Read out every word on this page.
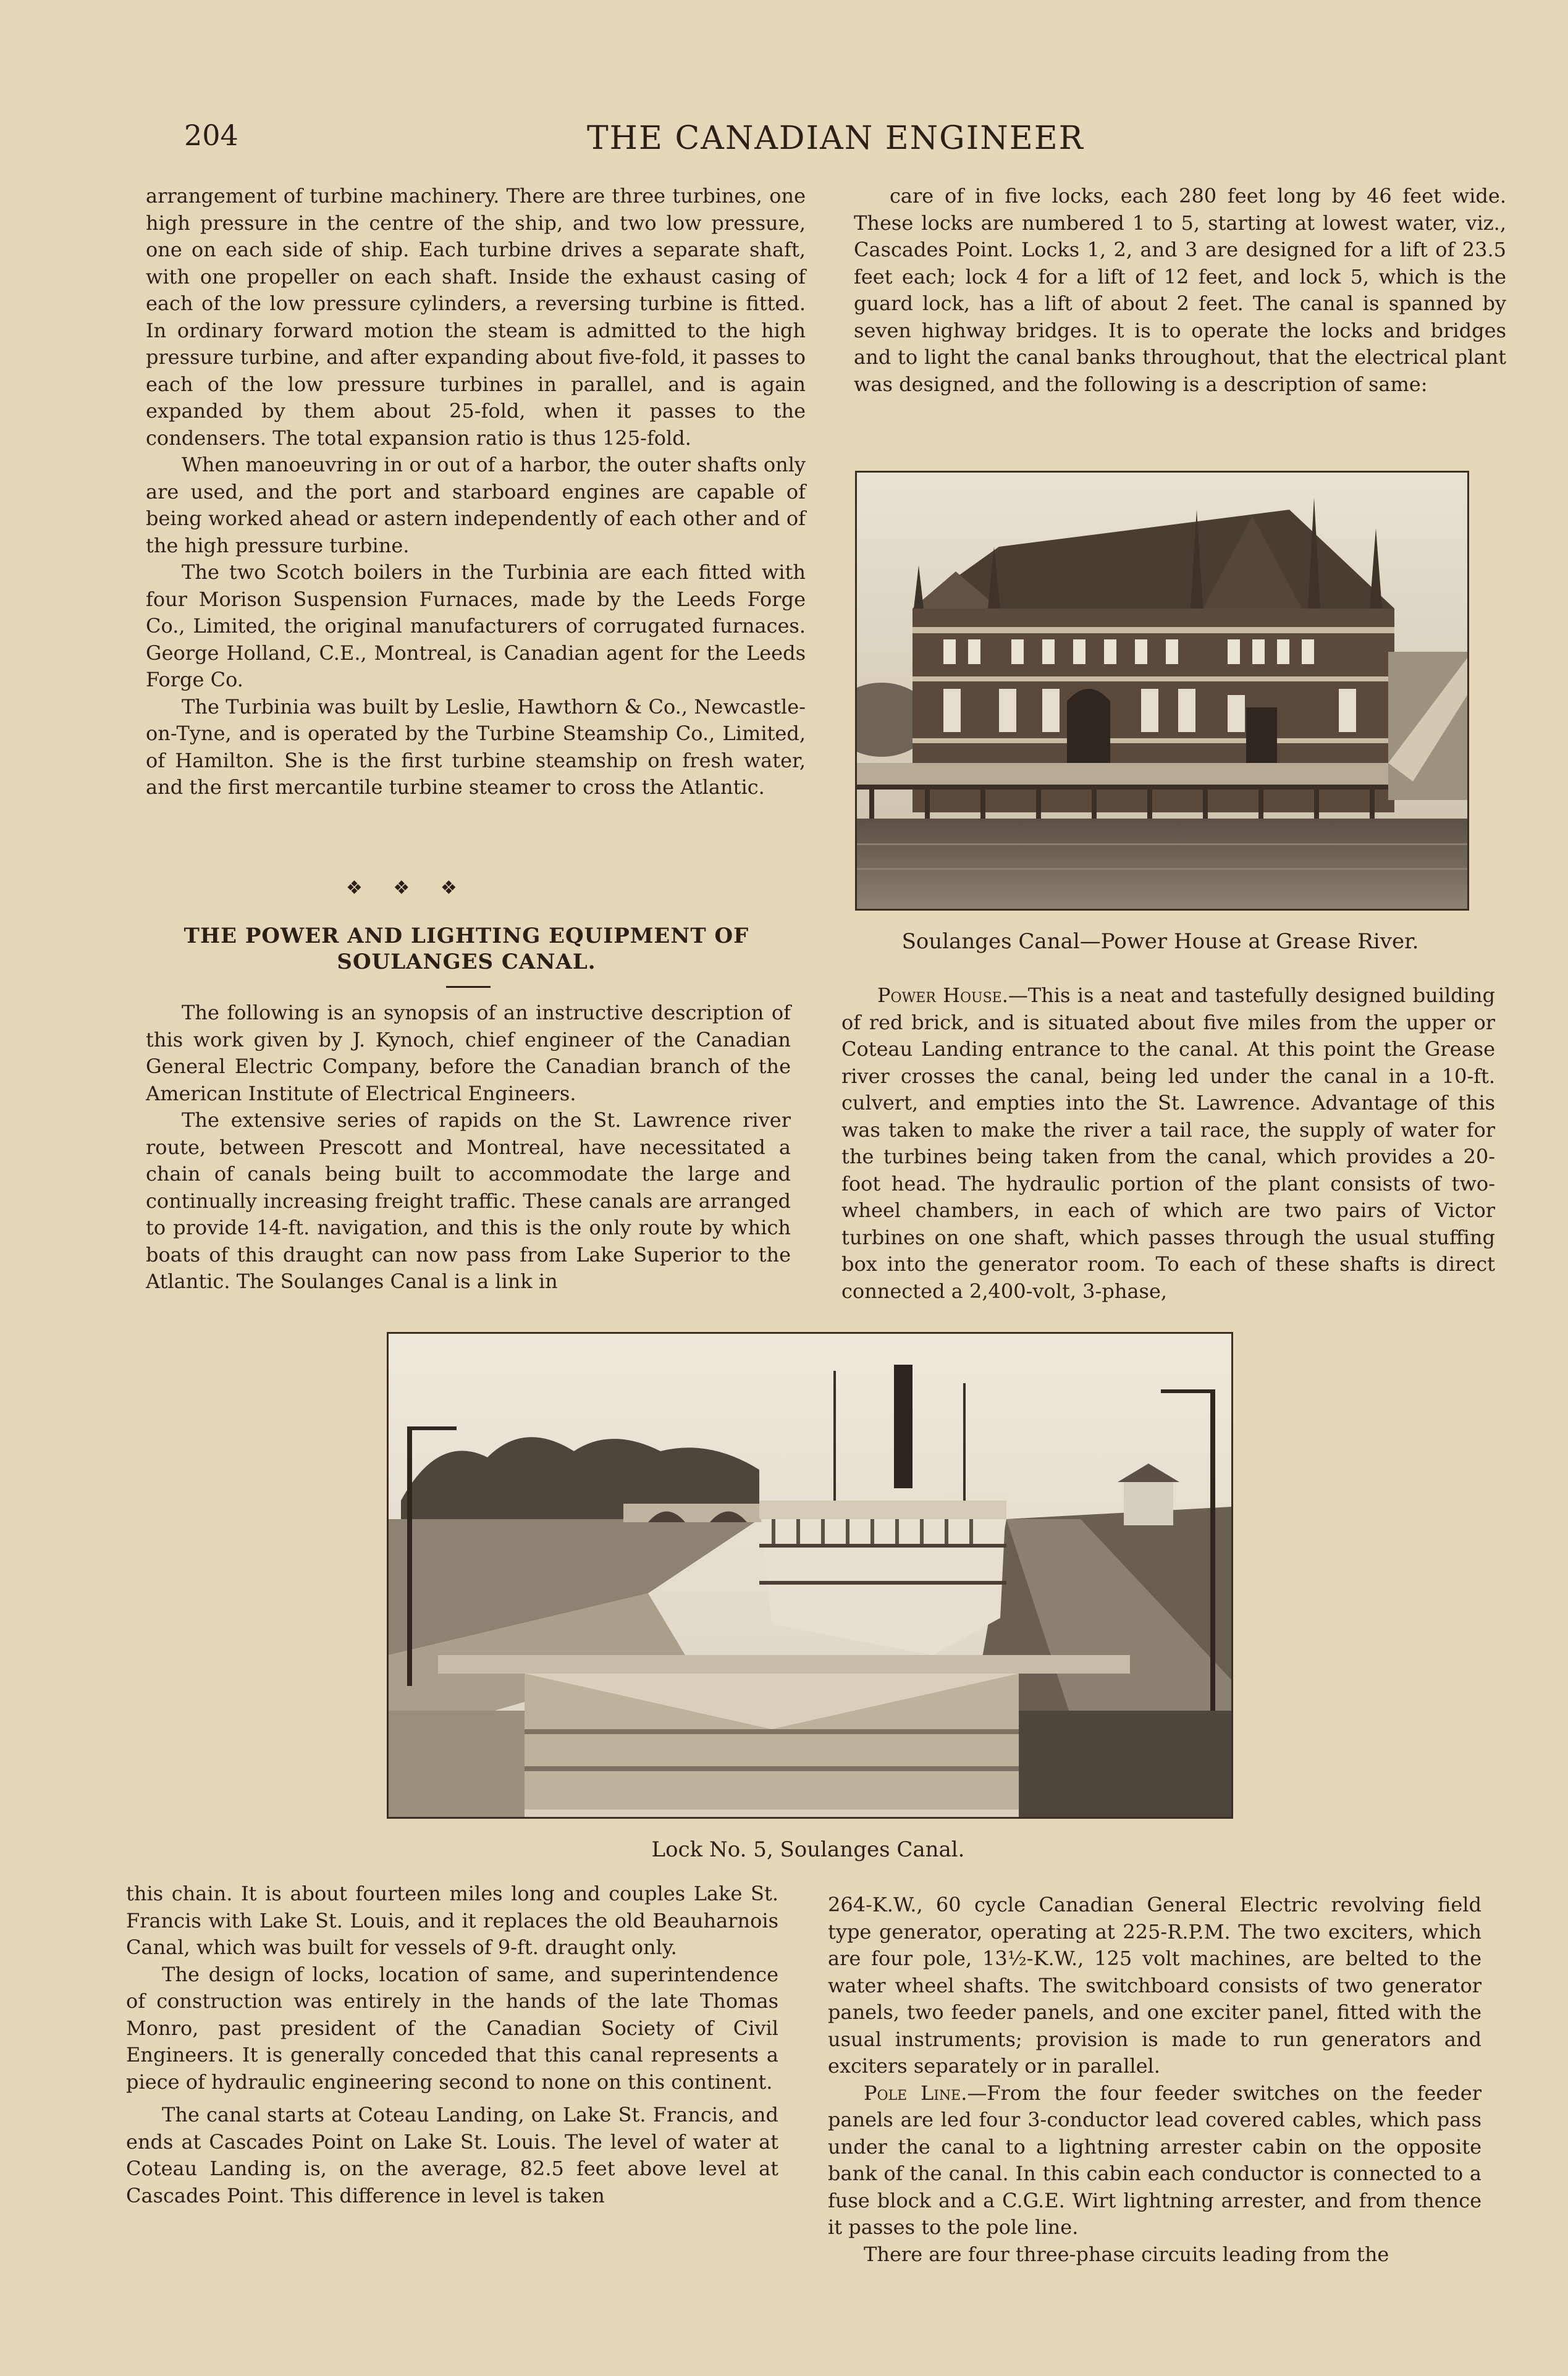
204	THE CANADIAN ENGINEER

arrangement of turbine machinery. There are three turbines, one high pressure in the centre of the ship, and two low pressure, one on each side of ship. Each turbine drives a separate shaft, with one propeller on each shaft. Inside the exhaust casing of each of the low pressure cylinders, a reversing turbine is fitted. In ordinary forward motion the steam is admitted to the high pressure turbine, and after expanding about five-fold, it passes to each of the low pressure turbines in parallel, and is again expanded by them about 25-fold, when it passes to the condensers. The total expansion ratio is thus 125-fold.

When manoeuvring in or out of a harbor, the outer shafts only are used, and the port and starboard engines are capable of being worked ahead or astern independently of each other and of the high pressure turbine.

The two Scotch boilers in the Turbinia are each fitted with four Morison Suspension Furnaces, made by the Leeds Forge Co., Limited, the original manufacturers of corrugated furnaces. George Holland, C.E., Montreal, is Canadian agent for the Leeds Forge Co.

The Turbinia was built by Leslie, Hawthorn & Co., Newcastle-on-Tyne, and is operated by the Turbine Steamship Co., Limited, of Hamilton. She is the first turbine steamship on fresh water, and the first mercantile turbine steamer to cross the Atlantic.

❖ ❖ ❖
THE POWER AND LIGHTING EQUIPMENT OF
SOULANGES CANAL.

The following is an synopsis of an instructive description of this work given by J. Kynoch, chief engineer of the Canadian General Electric Company, before the Canadian branch of the American Institute of Electrical Engineers.

The extensive series of rapids on the St. Lawrence river route, between Prescott and Montreal, have necessitated a chain of canals being built to accommodate the large and continually increasing freight traffic. These canals are arranged to provide 14-ft. navigation, and this is the only route by which boats of this draught can now pass from Lake Superior to the Atlantic. The Soulanges Canal is a link in

care of in five locks, each 280 feet long by 46 feet wide. These locks are numbered 1 to 5, starting at lowest water, viz., Cascades Point. Locks 1, 2, and 3 are designed for a lift of 23.5 feet each; lock 4 for a lift of 12 feet, and lock 5, which is the guard lock, has a lift of about 2 feet. The canal is spanned by seven highway bridges. It is to operate the locks and bridges and to light the canal banks throughout, that the electrical plant was designed, and the following is a description of same:

Soulanges Canal—Power House at Grease River.

Power House.—This is a neat and tastefully designed building of red brick, and is situated about five miles from the upper or Coteau Landing entrance to the canal. At this point the Grease river crosses the canal, being led under the canal in a 10-ft. culvert, and empties into the St. Lawrence. Advantage of this was taken to make the river a tail race, the supply of water for the turbines being taken from the canal, which provides a 20-foot head. The hydraulic portion of the plant consists of two-wheel chambers, in each of which are two pairs of Victor turbines on one shaft, which passes through the usual stuffing box into the generator room. To each of these shafts is direct connected a 2,400-volt, 3-phase,

Lock No. 5, Soulanges Canal.

this chain. It is about fourteen miles long and couples Lake St. Francis with Lake St. Louis, and it replaces the old Beauharnois Canal, which was built for vessels of 9-ft. draught only.

The design of locks, location of same, and superintendence of construction was entirely in the hands of the late Thomas Monro, past president of the Canadian Society of Civil Engineers. It is generally conceded that this canal represents a piece of hydraulic engineering second to none on this continent.

The canal starts at Coteau Landing, on Lake St. Francis, and ends at Cascades Point on Lake St. Louis. The level of water at Coteau Landing is, on the average, 82.5 feet above level at Cascades Point. This difference in level is taken

264-K.W., 60 cycle Canadian General Electric revolving field type generator, operating at 225-R.P.M. The two exciters, which are four pole, 13½-K.W., 125 volt machines, are belted to the water wheel shafts. The switchboard consists of two generator panels, two feeder panels, and one exciter panel, fitted with the usual instruments; provision is made to run generators and exciters separately or in parallel.

Pole Line.—From the four feeder switches on the feeder panels are led four 3-conductor lead covered cables, which pass under the canal to a lightning arrester cabin on the opposite bank of the canal. In this cabin each conductor is connected to a fuse block and a C.G.E. Wirt lightning arrester, and from thence it passes to the pole line.

There are four three-phase circuits leading from the
